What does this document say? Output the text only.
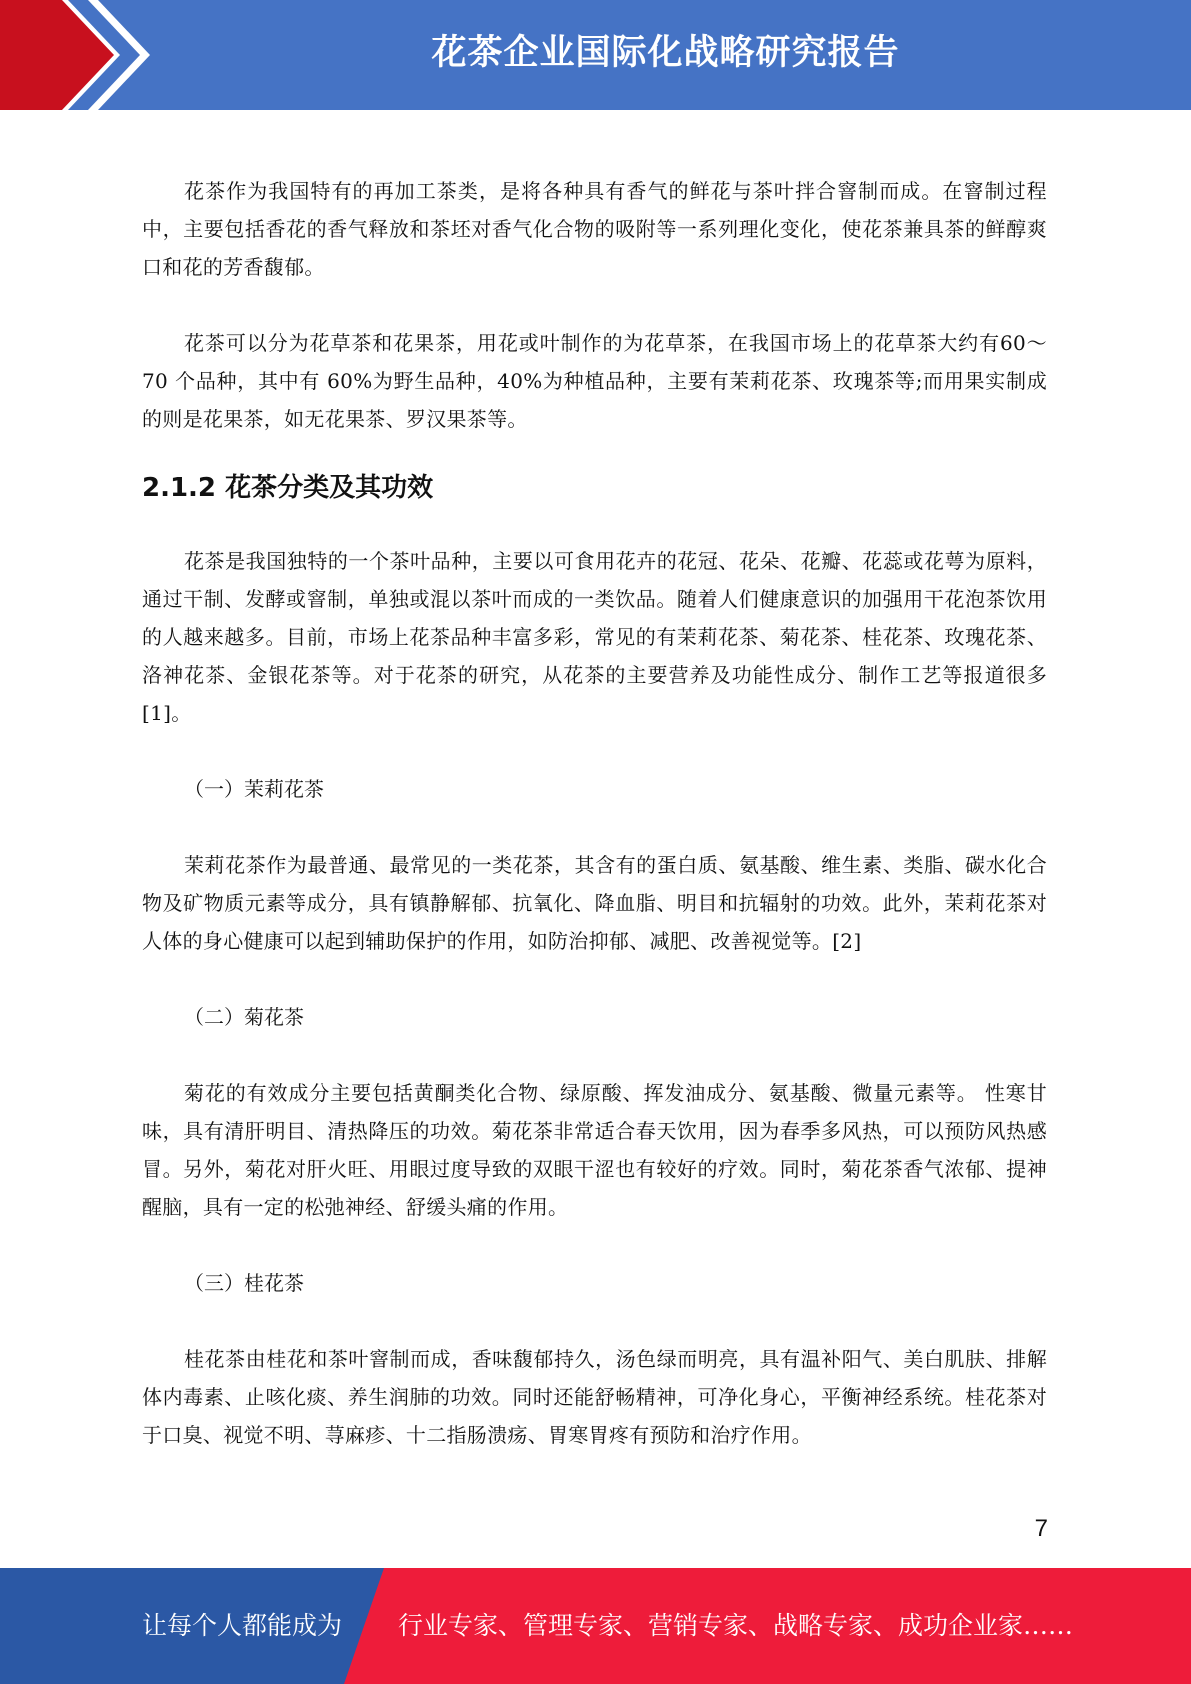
花茶企业国际化战略研究报告

花茶作为我国特有的再加工茶类，是将各种具有香气的鲜花与茶叶拌合窨制而成。在窨制过程中，主要包括香花的香气释放和茶坯对香气化合物的吸附等一系列理化变化，使花茶兼具茶的鲜醇爽口和花的芳香馥郁。

花茶可以分为花草茶和花果茶，用花或叶制作的为花草茶，在我国市场上的花草茶大约有60～70 个品种，其中有 60%为野生品种，40%为种植品种，主要有茉莉花茶、玫瑰茶等;而用果实制成的则是花果茶，如无花果茶、罗汉果茶等。

2.1.2 花茶分类及其功效

花茶是我国独特的一个茶叶品种，主要以可食用花卉的花冠、花朵、花瓣、花蕊或花萼为原料，通过干制、发酵或窨制，单独或混以茶叶而成的一类饮品。随着人们健康意识的加强用干花泡茶饮用的人越来越多。目前，市场上花茶品种丰富多彩，常见的有茉莉花茶、菊花茶、桂花茶、玫瑰花茶、洛神花茶、金银花茶等。对于花茶的研究，从花茶的主要营养及功能性成分、制作工艺等报道很多[1]。

（一）茉莉花茶

茉莉花茶作为最普通、最常见的一类花茶，其含有的蛋白质、氨基酸、维生素、类脂、碳水化合物及矿物质元素等成分，具有镇静解郁、抗氧化、降血脂、明目和抗辐射的功效。此外，茉莉花茶对人体的身心健康可以起到辅助保护的作用，如防治抑郁、减肥、改善视觉等。[2]

（二）菊花茶

菊花的有效成分主要包括黄酮类化合物、绿原酸、挥发油成分、氨基酸、微量元素等。 性寒甘味，具有清肝明目、清热降压的功效。菊花茶非常适合春天饮用，因为春季多风热，可以预防风热感冒。另外，菊花对肝火旺、用眼过度导致的双眼干涩也有较好的疗效。同时，菊花茶香气浓郁、提神醒脑，具有一定的松弛神经、舒缓头痛的作用。

（三）桂花茶

桂花茶由桂花和茶叶窨制而成，香味馥郁持久，汤色绿而明亮，具有温补阳气、美白肌肤、排解体内毒素、止咳化痰、养生润肺的功效。同时还能舒畅精神，可净化身心，平衡神经系统。桂花茶对于口臭、视觉不明、荨麻疹、十二指肠溃疡、胃寒胃疼有预防和治疗作用。

7
让每个人都能成为 行业专家、管理专家、营销专家、战略专家、成功企业家……
